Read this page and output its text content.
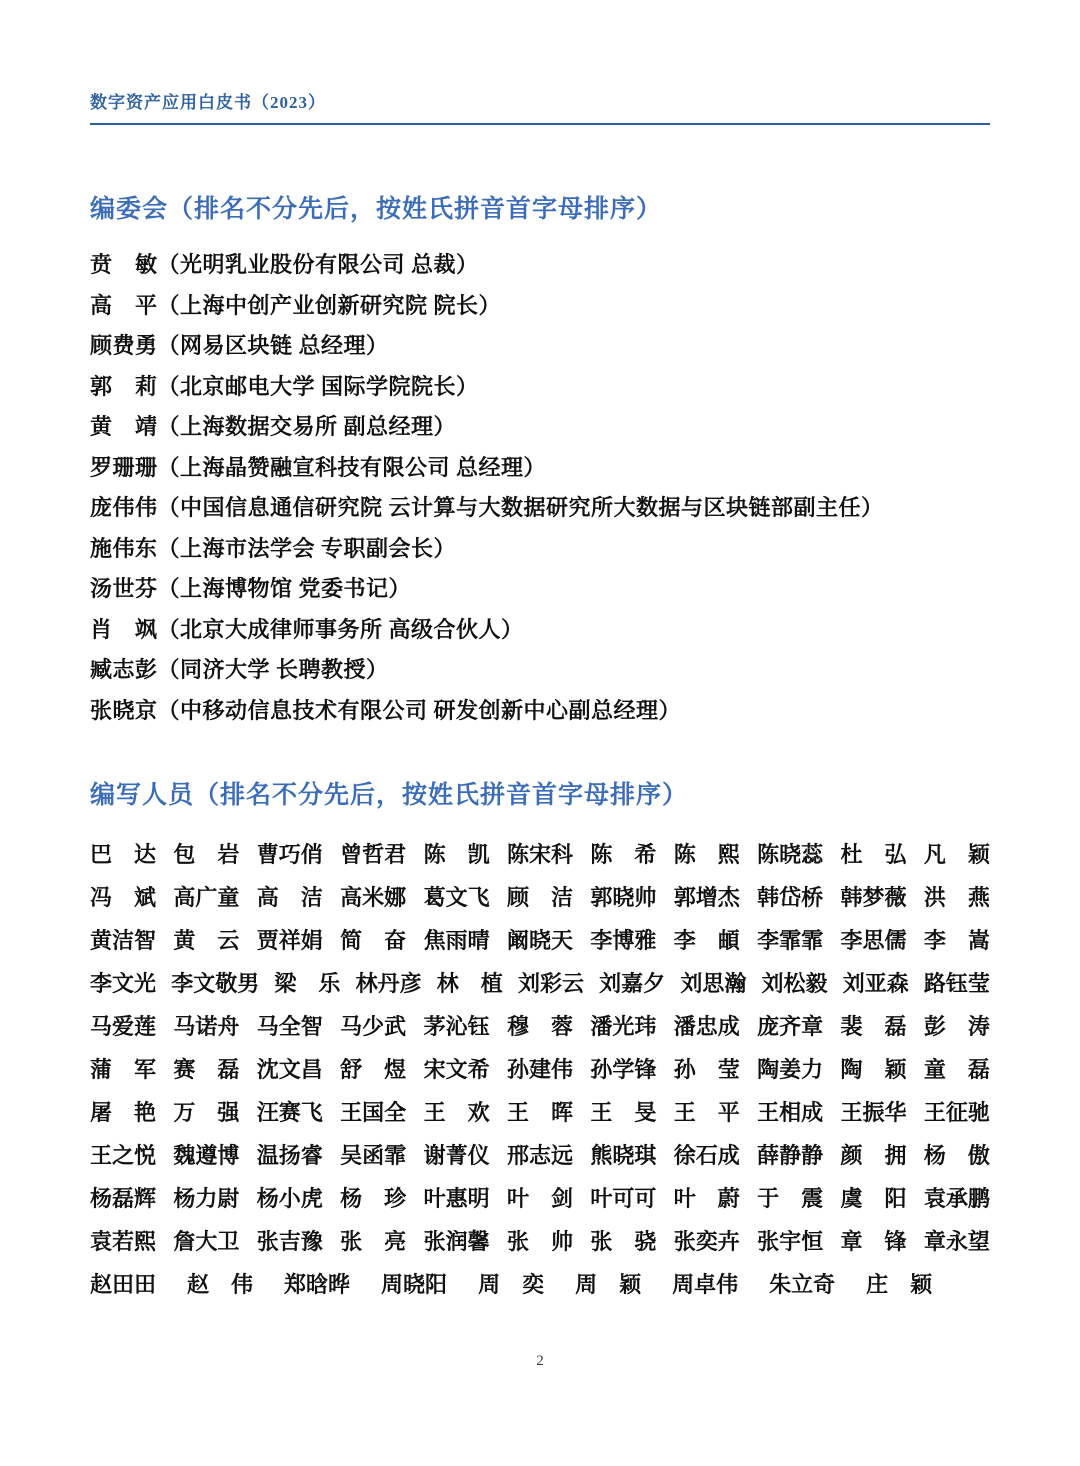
数字资产应用白皮书（2023）
编委会（排名不分先后，按姓氏拼音首字母排序）
贲　敏（光明乳业股份有限公司 总裁）
高　平（上海中创产业创新研究院 院长）
顾费勇（网易区块链 总经理）
郭　莉（北京邮电大学 国际学院院长）
黄　靖（上海数据交易所 副总经理）
罗珊珊（上海晶赞融宣科技有限公司 总经理）
庞伟伟（中国信息通信研究院 云计算与大数据研究所大数据与区块链部副主任）
施伟东（上海市法学会 专职副会长）
汤世芬（上海博物馆 党委书记）
肖　飒（北京大成律师事务所 高级合伙人）
臧志彭（同济大学 长聘教授）
张晓京（中移动信息技术有限公司 研发创新中心副总经理）
编写人员（排名不分先后，按姓氏拼音首字母排序）
巴　达 包　岩 曹巧俏 曾哲君 陈　凯 陈宋科 陈　希 陈　熙 陈晓蕊 杜　弘 凡　颖
冯　斌 高广童 高　洁 高米娜 葛文飞 顾　洁 郭晓帅 郭增杰 韩岱桥 韩梦薇 洪　燕
黄洁智 黄　云 贾祥娟 简　奋 焦雨晴 阚晓天 李博雅 李　頔 李霏霏 李思儒 李　嵩
李文光 李文敬男 梁　乐 林丹彦 林　植 刘彩云 刘嘉夕 刘思瀚 刘松毅 刘亚森 路钰莹
马爱莲 马诺舟 马全智 马少武 茅沁钰 穆　蓉 潘光玮 潘忠成 庞齐章 裴　磊 彭　涛
蒲　军 赛　磊 沈文昌 舒　煜 宋文希 孙建伟 孙学锋 孙　莹 陶姜力 陶　颖 童　磊
屠　艳 万　强 汪赛飞 王国全 王　欢 王　晖 王　旻 王　平 王相成 王振华 王征驰
王之悦 魏遵博 温扬睿 吴函霏 谢菁仪 邢志远 熊晓琪 徐石成 薛静静 颜　拥 杨　傲
杨磊辉 杨力尉 杨小虎 杨　珍 叶惠明 叶　剑 叶可可 叶　蔚 于　震 虞　阳 袁承鹏
袁若熙 詹大卫 张吉豫 张　亮 张润馨 张　帅 张　骁 张奕卉 张宇恒 章　锋 章永望
赵田田 赵　伟 郑晗晔 周晓阳 周　奕 周　颖 周卓伟 朱立奇 庄　颖
2
